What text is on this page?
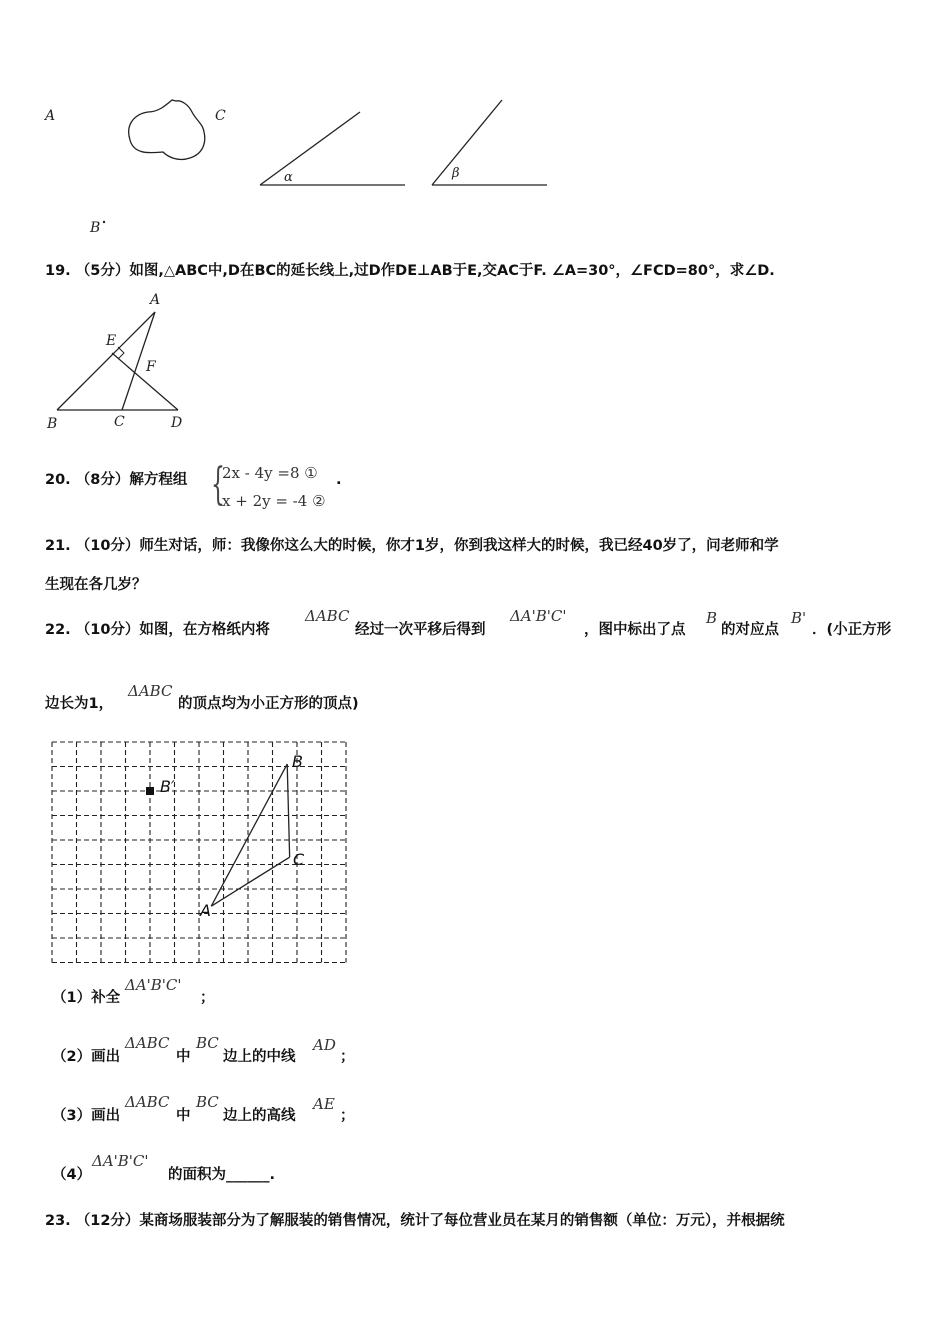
A	C
B
α	β
19. （5分）如图,△ABC中,D在BC的延长线上,过D作DE⊥AB于E,交AC于F. ∠A=30°，∠FCD=80°，求∠D.
A
E
F
B	C	D
20. （8分）解方程组 {
2x - 4y =8 ①
x + 2y = -4 ②
.
21. （10分）师生对话，师：我像你这么大的时候，你才1岁，你到我这样大的时候，我已经40岁了，问老师和学
生现在各几岁？
22. （10分）如图，在方格纸内将
ΔABC
经过一次平移后得到
ΔA'B'C'
，图中标出了点
B
的对应点
B'
．(小正方形
边长为1，
ΔABC
的顶点均为小正方形的顶点)
B
C
A
B′
（1）补全
ΔA'B'C'
；
（2）画出
ΔABC
中
BC
边上的中线
AD
；
（3）画出
ΔABC
中
BC
边上的高线
AE
；
（4）
ΔA'B'C'
的面积为______.
23. （12分）某商场服装部分为了解服装的销售情况，统计了每位营业员在某月的销售额（单位：万元），并根据统
